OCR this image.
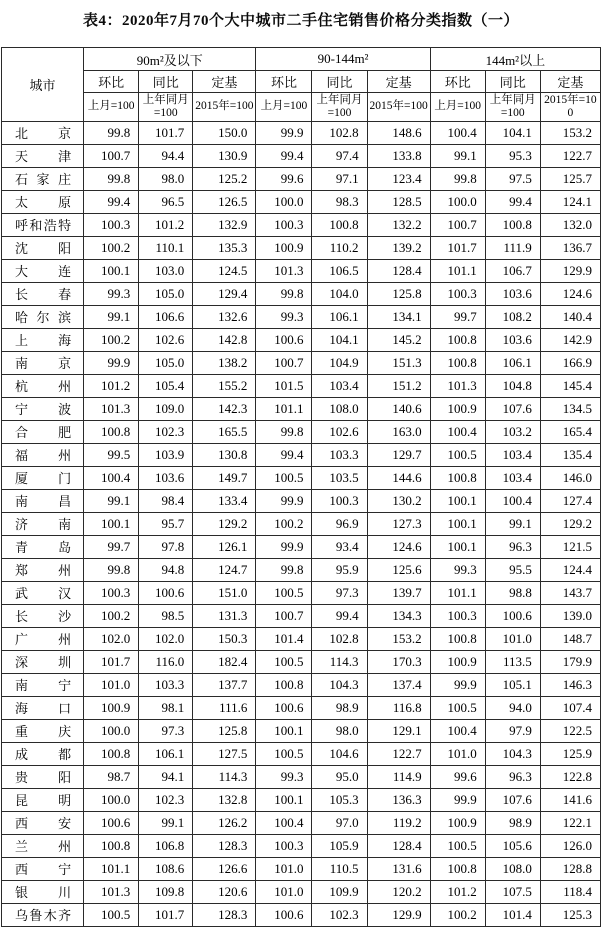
表4：2020年7月70个大中城市二手住宅销售价格分类指数（一）
城市	90m²及以下			90-144m²			144m²以上		
	环比	同比	定基	环比	同比	定基	环比	同比	定基
	上月=100	上年同月=100	2015年=100	上月=100	上年同月=100	2015年=100	上月=100	上年同月=100	2015年=100
北京	99.8	101.7	150.0	99.9	102.8	148.6	100.4	104.1	153.2
天津	100.7	94.4	130.9	99.4	97.4	133.8	99.1	95.3	122.7
石家庄	99.8	98.0	125.2	99.6	97.1	123.4	99.8	97.5	125.7
太原	99.4	96.5	126.5	100.0	98.3	128.5	100.0	99.4	124.1
呼和浩特	100.3	101.2	132.9	100.3	100.8	132.2	100.7	100.8	132.0
沈阳	100.2	110.1	135.3	100.9	110.2	139.2	101.7	111.9	136.7
大连	100.1	103.0	124.5	101.3	106.5	128.4	101.1	106.7	129.9
长春	99.3	105.0	129.4	99.8	104.0	125.8	100.3	103.6	124.6
哈尔滨	99.1	106.6	132.6	99.3	106.1	134.1	99.7	108.2	140.4
上海	100.2	102.6	142.8	100.6	104.1	145.2	100.8	103.6	142.9
南京	99.9	105.0	138.2	100.7	104.9	151.3	100.8	106.1	166.9
杭州	101.2	105.4	155.2	101.5	103.4	151.2	101.3	104.8	145.4
宁波	101.3	109.0	142.3	101.1	108.0	140.6	100.9	107.6	134.5
合肥	100.8	102.3	165.5	99.8	102.6	163.0	100.4	103.2	165.4
福州	99.5	103.9	130.8	99.4	103.3	129.7	100.5	103.4	135.4
厦门	100.4	103.6	149.7	100.5	103.5	144.6	100.8	103.4	146.0
南昌	99.1	98.4	133.4	99.9	100.3	130.2	100.1	100.4	127.4
济南	100.1	95.7	129.2	100.2	96.9	127.3	100.1	99.1	129.2
青岛	99.7	97.8	126.1	99.9	93.4	124.6	100.1	96.3	121.5
郑州	99.8	94.8	124.7	99.8	95.9	125.6	99.3	95.5	124.4
武汉	100.3	100.6	151.0	100.5	97.3	139.7	101.1	98.8	143.7
长沙	100.2	98.5	131.3	100.7	99.4	134.3	100.3	100.6	139.0
广州	102.0	102.0	150.3	101.4	102.8	153.2	100.8	101.0	148.7
深圳	101.7	116.0	182.4	100.5	114.3	170.3	100.9	113.5	179.9
南宁	101.0	103.3	137.7	100.8	104.3	137.4	99.9	105.1	146.3
海口	100.9	98.1	111.6	100.6	98.9	116.8	100.5	94.0	107.4
重庆	100.0	97.3	125.8	100.1	98.0	129.1	100.4	97.9	122.5
成都	100.8	106.1	127.5	100.5	104.6	122.7	101.0	104.3	125.9
贵阳	98.7	94.1	114.3	99.3	95.0	114.9	99.6	96.3	122.8
昆明	100.0	102.3	132.8	100.1	105.3	136.3	99.9	107.6	141.6
西安	100.6	99.1	126.2	100.4	97.0	119.2	100.9	98.9	122.1
兰州	100.8	106.8	128.3	100.3	105.9	128.4	100.5	105.6	126.0
西宁	101.1	108.6	126.6	101.0	110.5	131.6	100.8	108.0	128.8
银川	101.3	109.8	120.6	101.0	109.9	120.2	101.2	107.5	118.4
乌鲁木齐	100.5	101.7	128.3	100.6	102.3	129.9	100.2	101.4	125.3
